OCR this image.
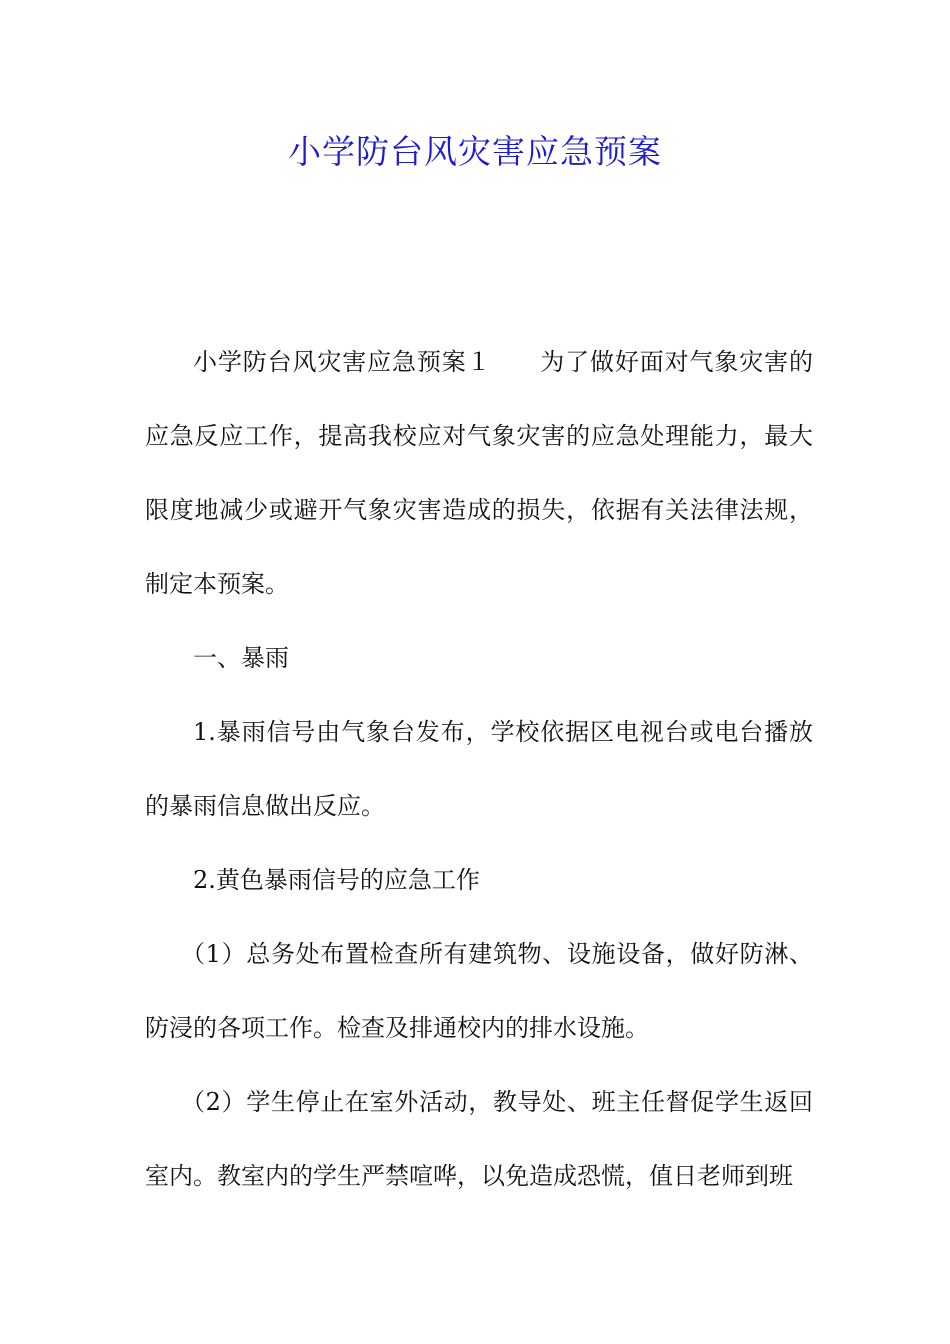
小学防台风灾害应急预案

小学防台风灾害应急预案１ 为了做好面对气象灾害的应急反应工作，提高我校应对气象灾害的应急处理能力，最大限度地减少或避开气象灾害造成的损失，依据有关法律法规，制定本预案。

一、暴雨

1.暴雨信号由气象台发布，学校依据区电视台或电台播放的暴雨信息做出反应。

2.黄色暴雨信号的应急工作

（1）总务处布置检查所有建筑物、设施设备，做好防淋、防浸的各项工作。检查及排通校内的排水设施。

（2）学生停止在室外活动，教导处、班主任督促学生返回室内。教室内的学生严禁喧哗，以免造成恐慌，值日老师到班
